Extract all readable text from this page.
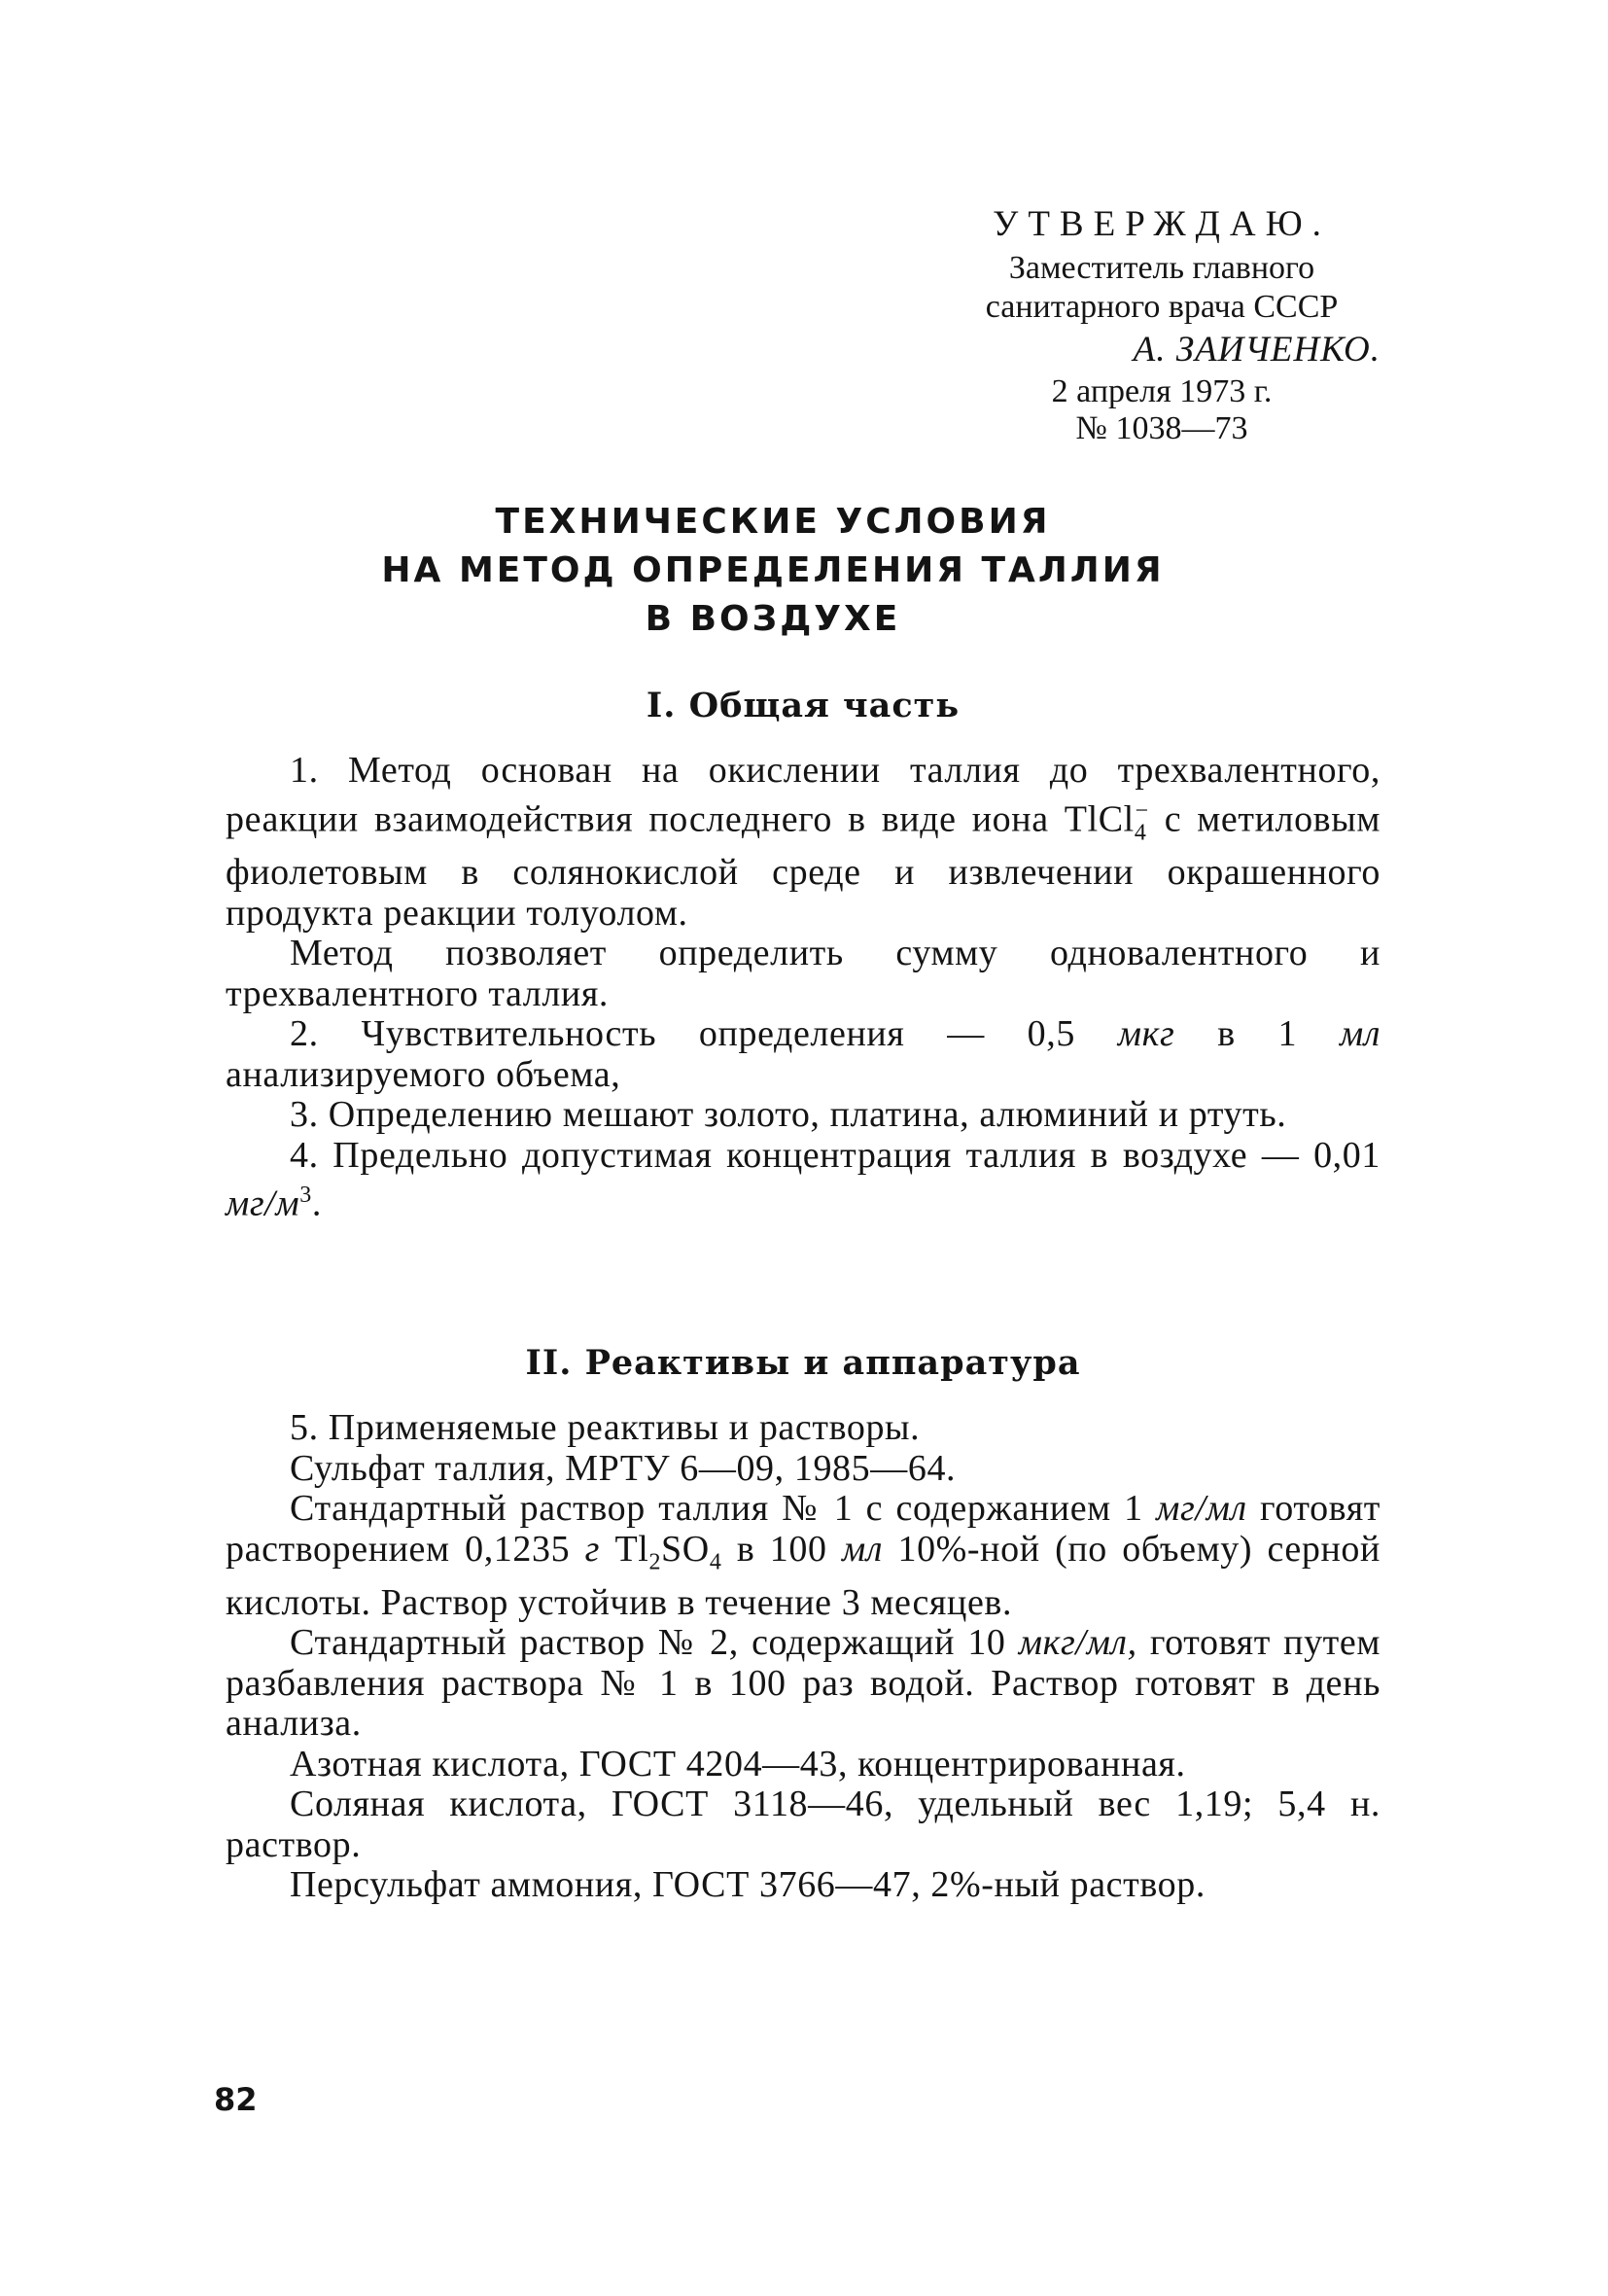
УТВЕРЖДАЮ.
Заместитель главного
санитарного врача СССР
А. ЗАИЧЕНКО.
2 апреля 1973 г.
№ 1038—73
ТЕХНИЧЕСКИЕ УСЛОВИЯ
НА МЕТОД ОПРЕДЕЛЕНИЯ ТАЛЛИЯ
В ВОЗДУХЕ
I. Общая часть

1. Метод основан на окислении таллия до трехвалентного, реакции взаимодействия последнего в виде иона TlCl$_4$− с метиловым фиолетовым в солянокислой среде и извлечении окрашенного продукта реакции толуолом.

Метод позволяет определить сумму одновалентного и трехвалентного таллия.

2. Чувствительность определения — 0,5 мкг в 1 мл анализируемого объема,

3. Определению мешают золото, платина, алюминий и ртуть.

4. Предельно допустимая концентрация таллия в воздухе — 0,01 $мг/м^3$.

II. Реактивы и аппаратура

5. Применяемые реактивы и растворы.

Сульфат таллия, МРТУ 6—09, 1985—64.

Стандартный раствор таллия № 1 с содержанием 1 мг/мл готовят растворением 0,1235 г $Tl_2SO_4$ в 100 мл 10%-ной (по объему) серной кислоты. Раствор устойчив в течение 3 месяцев.

Стандартный раствор № 2, содержащий 10 мкг/мл, готовят путем разбавления раствора № 1 в 100 раз водой. Раствор готовят в день анализа.

Азотная кислота, ГОСТ 4204—43, концентрированная.

Соляная кислота, ГОСТ 3118—46, удельный вес 1,19; 5,4 н. раствор.

Персульфат аммония, ГОСТ 3766—47, 2%-ный раствор.

82
